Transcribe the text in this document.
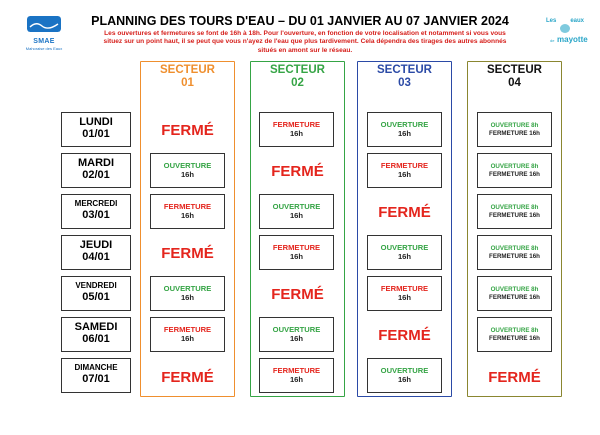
SMAE
Mahoraise des Eaux
Les eaux
de mayotte
PLANNING DES TOURS D'EAU – DU 01 JANVIER AU 07 JANVIER 2024
Les ouvertures et fermetures se font de 16h à 18h. Pour l'ouverture, en fonction de votre localisation et notamment si vous vous
situez sur un point haut, il se peut que vous n'ayez de l'eau que plus tardivement. Cela dépendra des tirages des autres abonnés
situés en amont sur le réseau.
SECTEUR
01
SECTEUR
02
SECTEUR
03
SECTEUR
04
LUNDI
01/01
MARDI
02/01
MERCREDI
03/01
JEUDI
04/01
VENDREDI
05/01
SAMEDI
06/01
DIMANCHE
07/01
FERMÉ
OUVERTURE
16h
FERMETURE
16h
FERMÉ
OUVERTURE
16h
FERMETURE
16h
FERMÉ
FERMETURE
16h
FERMÉ
OUVERTURE
16h
FERMETURE
16h
FERMÉ
OUVERTURE
16h
FERMETURE
16h
OUVERTURE
16h
FERMETURE
16h
FERMÉ
OUVERTURE
16h
FERMETURE
16h
FERMÉ
OUVERTURE
16h
OUVERTURE 8h
FERMETURE 16h
OUVERTURE 8h
FERMETURE 16h
OUVERTURE 8h
FERMETURE 16h
OUVERTURE 8h
FERMETURE 16h
OUVERTURE 8h
FERMETURE 16h
OUVERTURE 8h
FERMETURE 16h
FERMÉ
